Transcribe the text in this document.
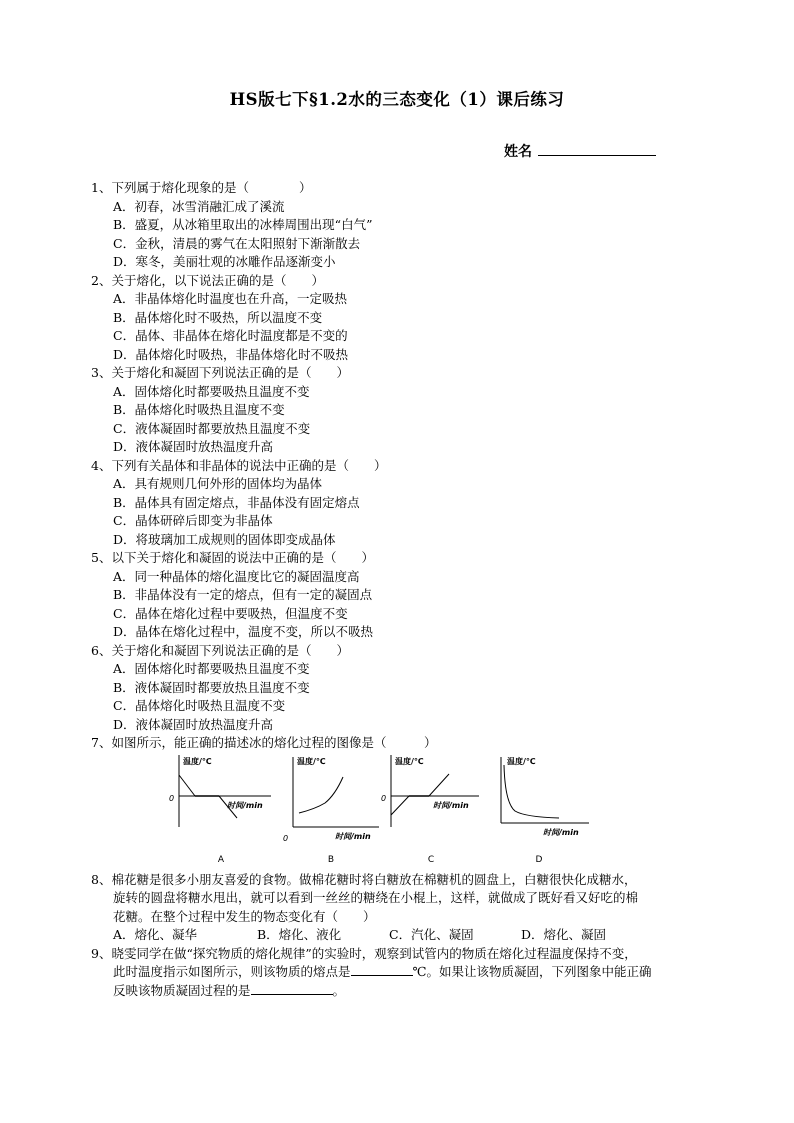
HS版七下§1.2水的三态变化（1）课后练习
姓名
1、下列属于熔化现象的是（　　　　）
A．初春，冰雪消融汇成了溪流
B．盛夏，从冰箱里取出的冰棒周围出现“白气”
C．金秋，清晨的雾气在太阳照射下渐渐散去
D．寒冬，美丽壮观的冰雕作品逐渐变小
2、关于熔化，以下说法正确的是（　　）
A．非晶体熔化时温度也在升高，一定吸热
B．晶体熔化时不吸热，所以温度不变
C．晶体、非晶体在熔化时温度都是不变的
D．晶体熔化时吸热，非晶体熔化时不吸热
3、关于熔化和凝固下列说法正确的是（　　）
A．固体熔化时都要吸热且温度不变
B．晶体熔化时吸热且温度不变
C．液体凝固时都要放热且温度不变
D．液体凝固时放热温度升高
4、下列有关晶体和非晶体的说法中正确的是（　　）
A．具有规则几何外形的固体均为晶体
B．晶体具有固定熔点，非晶体没有固定熔点
C．晶体研碎后即变为非晶体
D．将玻璃加工成规则的固体即变成晶体
5、以下关于熔化和凝固的说法中正确的是（　　）
A．同一种晶体的熔化温度比它的凝固温度高
B．非晶体没有一定的熔点，但有一定的凝固点
C．晶体在熔化过程中要吸热，但温度不变
D．晶体在熔化过程中，温度不变，所以不吸热
6、关于熔化和凝固下列说法正确的是（　　）
A．固体熔化时都要吸热且温度不变
B．液体凝固时都要放热且温度不变
C．晶体熔化时吸热且温度不变
D．液体凝固时放热温度升高
7、如图所示，能正确的描述冰的熔化过程的图像是（　　　）
温度/℃
0
时间/min
A
温度/℃
0	时间/min
B
温度/℃
0
时间/min
C
温度/℃
时间/min
D
8、棉花糖是很多小朋友喜爱的食物。做棉花糖时将白糖放在棉糖机的圆盘上，白糖很快化成糖水，
旋转的圆盘将糖水甩出，就可以看到一丝丝的糖绕在小棍上，这样，就做成了既好看又好吃的棉
花糖。在整个过程中发生的物态变化有（　　）
A．熔化、凝华	B．熔化、液化	C．汽化、凝固	D．熔化、凝固
9、晓雯同学在做“探究物质的熔化规律”的实验时，观察到试管内的物质在熔化过程温度保持不变，
此时温度指示如图所示，则该物质的熔点是	℃。如果让该物质凝固，下列图象中能正确
反映该物质凝固过程的是	。
